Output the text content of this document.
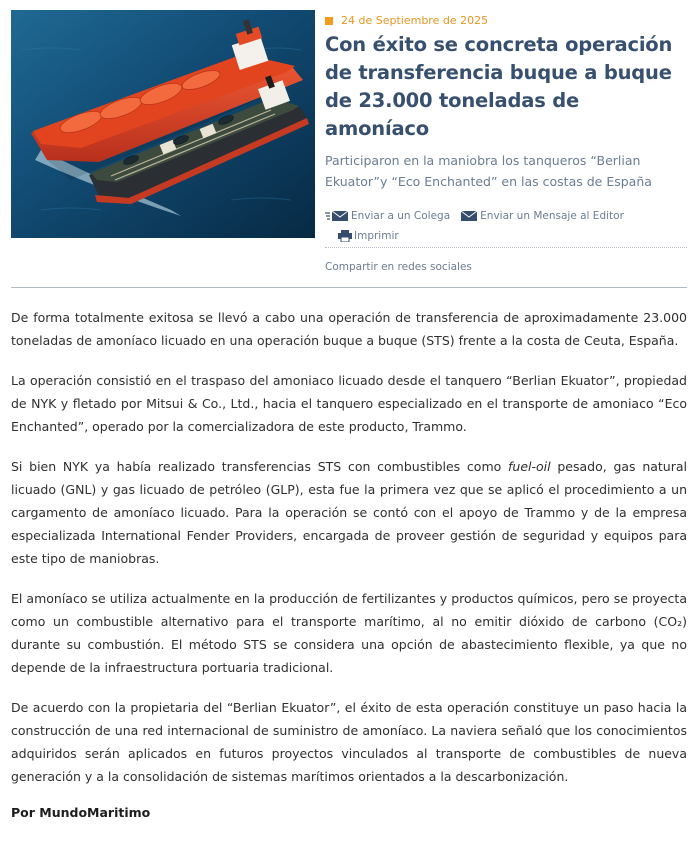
24 de Septiembre de 2025
Con éxito se concreta operación de transferencia buque a buque de 23.000 toneladas de amoníaco
Participaron en la maniobra los tanqueros “Berlian Ekuator”y “Eco Enchanted” en las costas de España
Enviar a un Colega	Enviar un Mensaje al Editor
Imprimir
Compartir en redes sociales

De forma totalmente exitosa se llevó a cabo una operación de transferencia de aproximadamente 23.000 toneladas de amoníaco licuado en una operación buque a buque (STS) frente a la costa de Ceuta, España.

La operación consistió en el traspaso del amoniaco licuado desde el tanquero “Berlian Ekuator”, propiedad de NYK y fletado por Mitsui & Co., Ltd., hacia el tanquero especializado en el transporte de amoniaco “Eco Enchanted”, operado por la comercializadora de este producto, Trammo.

Si bien NYK ya había realizado transferencias STS con combustibles como fuel-oil pesado, gas natural licuado (GNL) y gas licuado de petróleo (GLP), esta fue la primera vez que se aplicó el procedimiento a un cargamento de amoníaco licuado. Para la operación se contó con el apoyo de Trammo y de la empresa especializada International Fender Providers, encargada de proveer gestión de seguridad y equipos para este tipo de maniobras.

El amoníaco se utiliza actualmente en la producción de fertilizantes y productos químicos, pero se proyecta como un combustible alternativo para el transporte marítimo, al no emitir dióxido de carbono (CO₂) durante su combustión. El método STS se considera una opción de abastecimiento flexible, ya que no depende de la infraestructura portuaria tradicional.

De acuerdo con la propietaria del “Berlian Ekuator”, el éxito de esta operación constituye un paso hacia la construcción de una red internacional de suministro de amoníaco. La naviera señaló que los conocimientos adquiridos serán aplicados en futuros proyectos vinculados al transporte de combustibles de nueva generación y a la consolidación de sistemas marítimos orientados a la descarbonización.

Por MundoMaritimo
